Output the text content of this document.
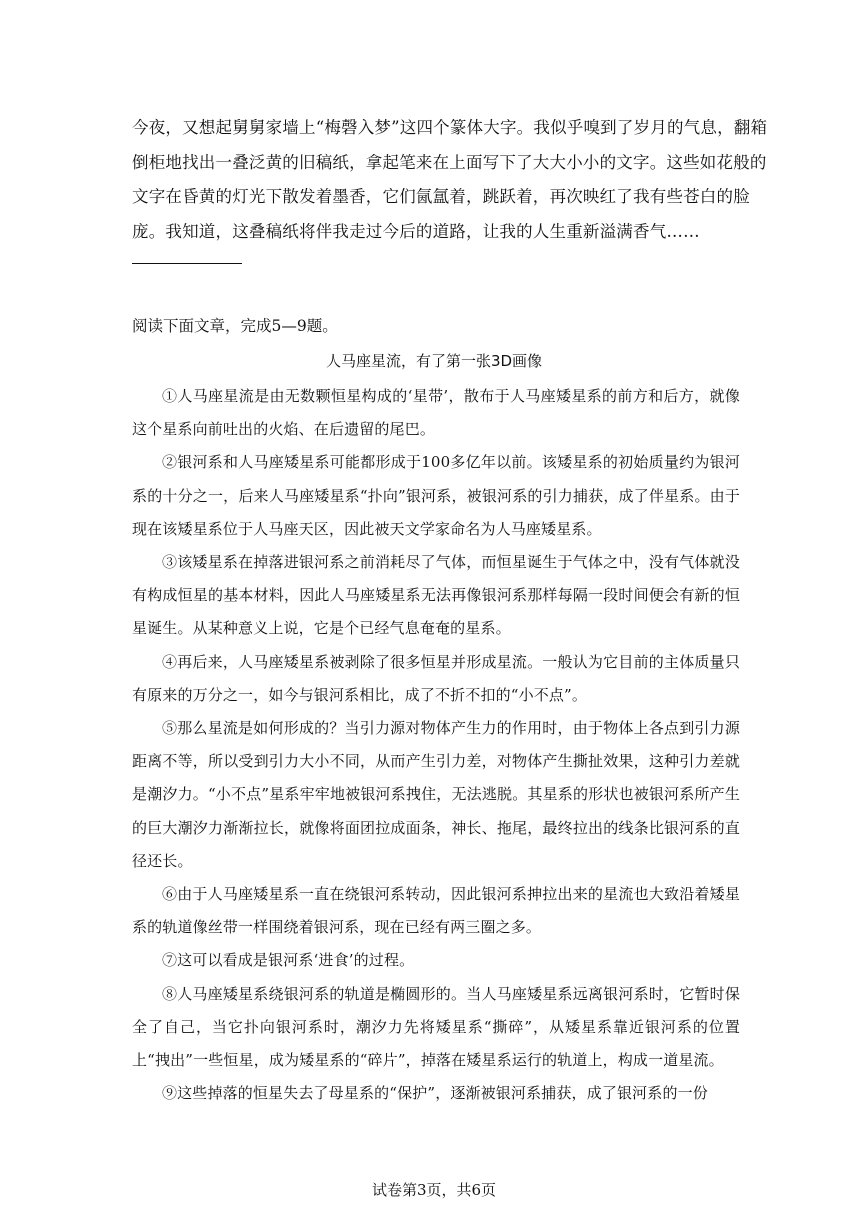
今夜，又想起舅舅家墙上“梅磬入梦”这四个篆体大字。我似乎嗅到了岁月的气息，翻箱倒柜地找出一叠泛黄的旧稿纸，拿起笔来在上面写下了大大小小的文字。这些如花般的文字在昏黄的灯光下散发着墨香，它们氤氲着，跳跃着，再次映红了我有些苍白的脸庞。我知道，这叠稿纸将伴我走过今后的道路，让我的人生重新溢满香气……

阅读下面文章，完成5—9题。
人马座星流，有了第一张3D画像

①人马座星流是由无数颗恒星构成的‘星带’，散布于人马座矮星系的前方和后方，就像这个星系向前吐出的火焰、在后遗留的尾巴。

②银河系和人马座矮星系可能都形成于100多亿年以前。该矮星系的初始质量约为银河系的十分之一，后来人马座矮星系“扑向”银河系，被银河系的引力捕获，成了伴星系。由于现在该矮星系位于人马座天区，因此被天文学家命名为人马座矮星系。

③该矮星系在掉落进银河系之前消耗尽了气体，而恒星诞生于气体之中，没有气体就没有构成恒星的基本材料，因此人马座矮星系无法再像银河系那样每隔一段时间便会有新的恒星诞生。从某种意义上说，它是个已经气息奄奄的星系。

④再后来，人马座矮星系被剥除了很多恒星并形成星流。一般认为它目前的主体质量只有原来的万分之一，如今与银河系相比，成了不折不扣的“小不点”。

⑤那么星流是如何形成的？当引力源对物体产生力的作用时，由于物体上各点到引力源距离不等，所以受到引力大小不同，从而产生引力差，对物体产生撕扯效果，这种引力差就是潮汐力。“小不点”星系牢牢地被银河系拽住，无法逃脱。其星系的形状也被银河系所产生的巨大潮汐力渐渐拉长，就像将面团拉成面条，神长、拖尾，最终拉出的线条比银河系的直径还长。

⑥由于人马座矮星系一直在绕银河系转动，因此银河系抻拉出来的星流也大致沿着矮星系的轨道像丝带一样围绕着银河系，现在已经有两三圈之多。

⑦这可以看成是银河系‘进食’的过程。

⑧人马座矮星系绕银河系的轨道是椭圆形的。当人马座矮星系远离银河系时，它暂时保全了自己，当它扑向银河系时，潮汐力先将矮星系“撕碎”，从矮星系靠近银河系的位置上“拽出”一些恒星，成为矮星系的“碎片”，掉落在矮星系运行的轨道上，构成一道星流。

⑨这些掉落的恒星失去了母星系的“保护”，逐渐被银河系捕获，成了银河系的一份

试卷第3页，共6页
